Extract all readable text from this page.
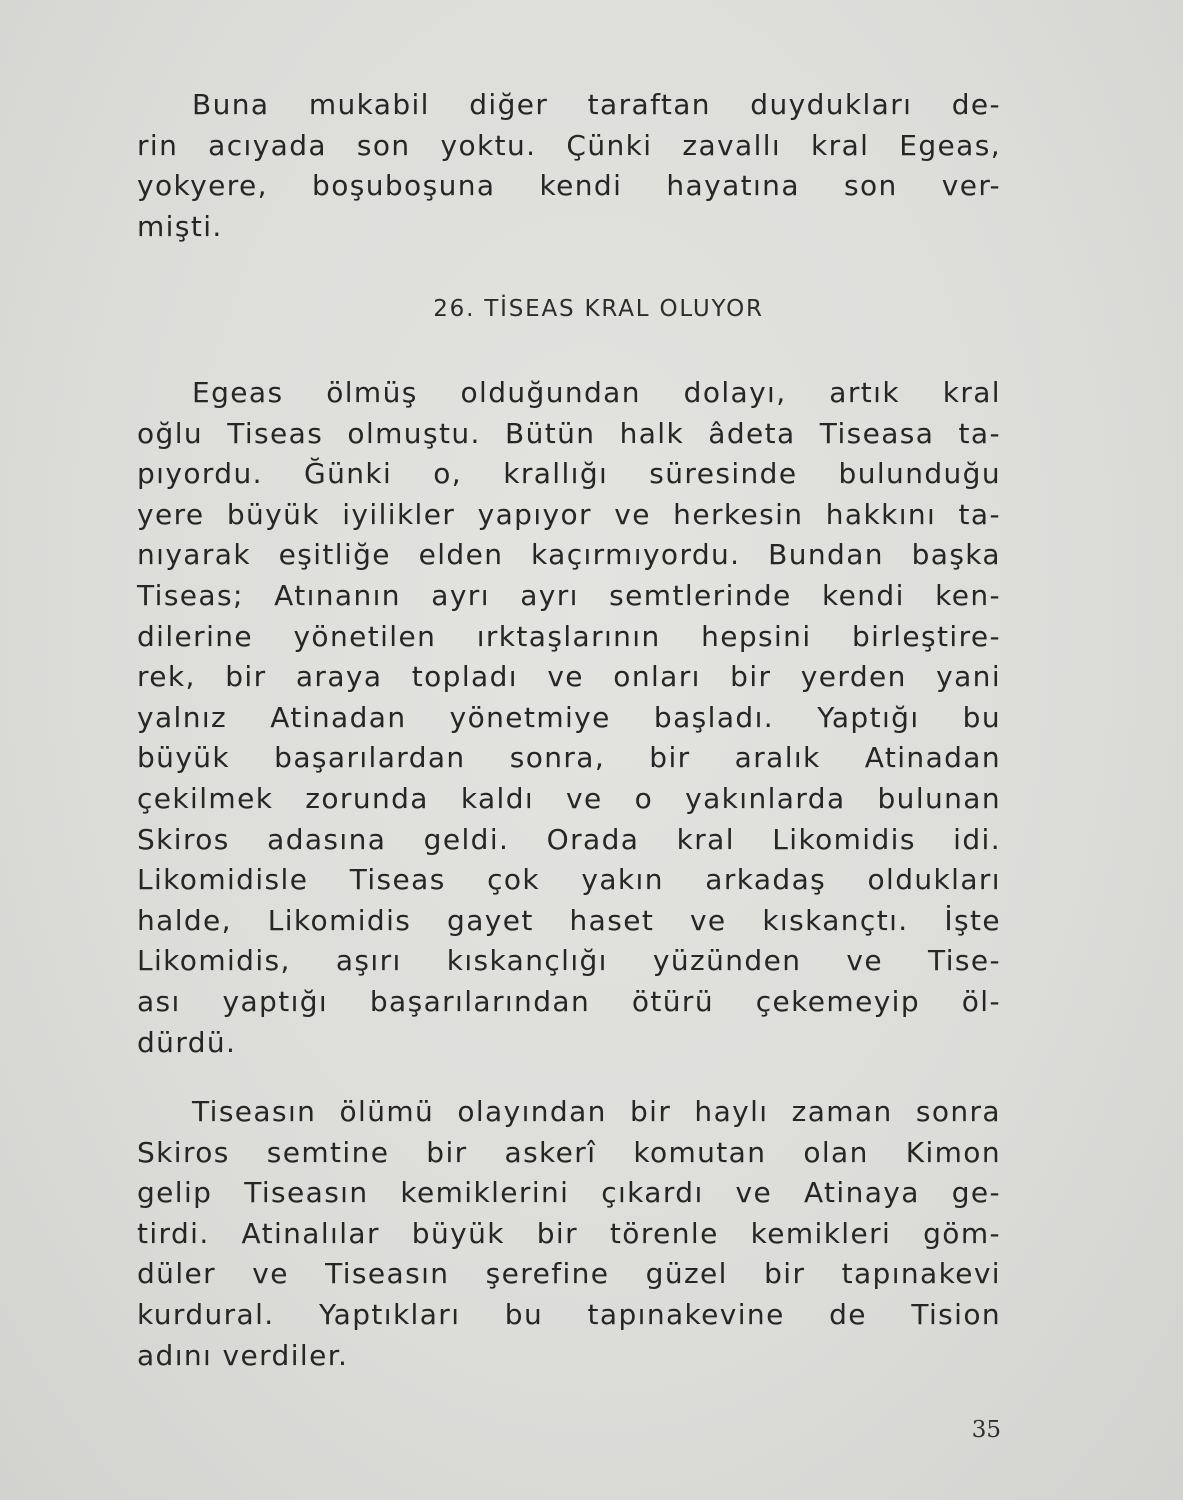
Buna mukabil diğer taraftan duydukları de-
rin acıyada son yoktu. Çünki zavallı kral Egeas,
yokyere, boşuboşuna kendi hayatına son ver-
mişti.
26. TİSEAS KRAL OLUYOR
Egeas ölmüş olduğundan dolayı, artık kral
oğlu Tiseas olmuştu. Bütün halk âdeta Tiseasa ta-
pıyordu. Ğünki o, krallığı süresinde bulunduğu
yere büyük iyilikler yapıyor ve herkesin hakkını ta-
nıyarak eşitliğe elden kaçırmıyordu. Bundan başka
Tiseas; Atınanın ayrı ayrı semtlerinde kendi ken-
dilerine yönetilen ırktaşlarının hepsini birleştire-
rek, bir araya topladı ve onları bir yerden yani
yalnız Atinadan yönetmiye başladı. Yaptığı bu
büyük başarılardan sonra, bir aralık Atinadan
çekilmek zorunda kaldı ve o yakınlarda bulunan
Skiros adasına geldi. Orada kral Likomidis idi.
Likomidisle Tiseas çok yakın arkadaş oldukları
halde, Likomidis gayet haset ve kıskançtı. İşte
Likomidis, aşırı kıskançlığı yüzünden ve Tise-
ası yaptığı başarılarından ötürü çekemeyip öl-
dürdü.
Tiseasın ölümü olayından bir haylı zaman sonra
Skiros semtine bir askerî komutan olan Kimon
gelip Tiseasın kemiklerini çıkardı ve Atinaya ge-
tirdi. Atinalılar büyük bir törenle kemikleri göm-
düler ve Tiseasın şerefine güzel bir tapınakevi
kurdural. Yaptıkları bu tapınakevine de Tision
adını verdiler.
35
